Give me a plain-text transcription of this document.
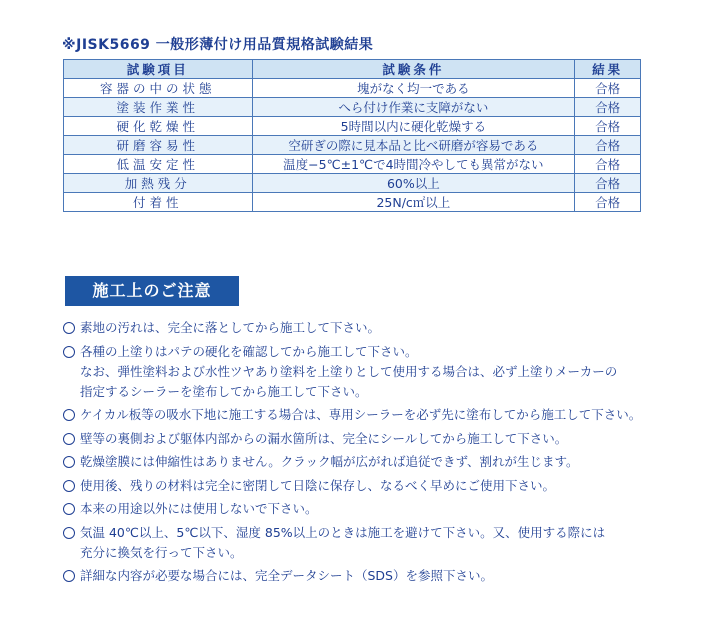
※JISK5669 一般形薄付け用品質規格試験結果
試験項目	試験条件	結果
容器の中の状態	塊がなく均一である	合格
塗装作業性	へら付け作業に支障がない	合格
硬化乾燥性	5時間以内に硬化乾燥する	合格
研磨容易性	空研ぎの際に見本品と比べ研磨が容易である	合格
低温安定性	温度−5℃±1℃で4時間冷やしても異常がない	合格
加熱残分	60%以上	合格
付着性	25N/c㎡以上	合格
施工上のご注意
素地の汚れは、完全に落としてから施工して下さい。
各種の上塗りはパテの硬化を確認してから施工して下さい。
なお、弾性塗料および水性ツヤあり塗料を上塗りとして使用する場合は、必ず上塗りメーカーの
指定するシーラーを塗布してから施工して下さい。
ケイカル板等の吸水下地に施工する場合は、専用シーラーを必ず先に塗布してから施工して下さい。
壁等の裏側および躯体内部からの漏水箇所は、完全にシールしてから施工して下さい。
乾燥塗膜には伸縮性はありません。クラック幅が広がれば追従できず、割れが生じます。
使用後、残りの材料は完全に密閉して日陰に保存し、なるべく早めにご使用下さい。
本来の用途以外には使用しないで下さい。
気温 40℃以上、5℃以下、湿度 85%以上のときは施工を避けて下さい。又、使用する際には
充分に換気を行って下さい。
詳細な内容が必要な場合には、完全データシート（SDS）を参照下さい。
